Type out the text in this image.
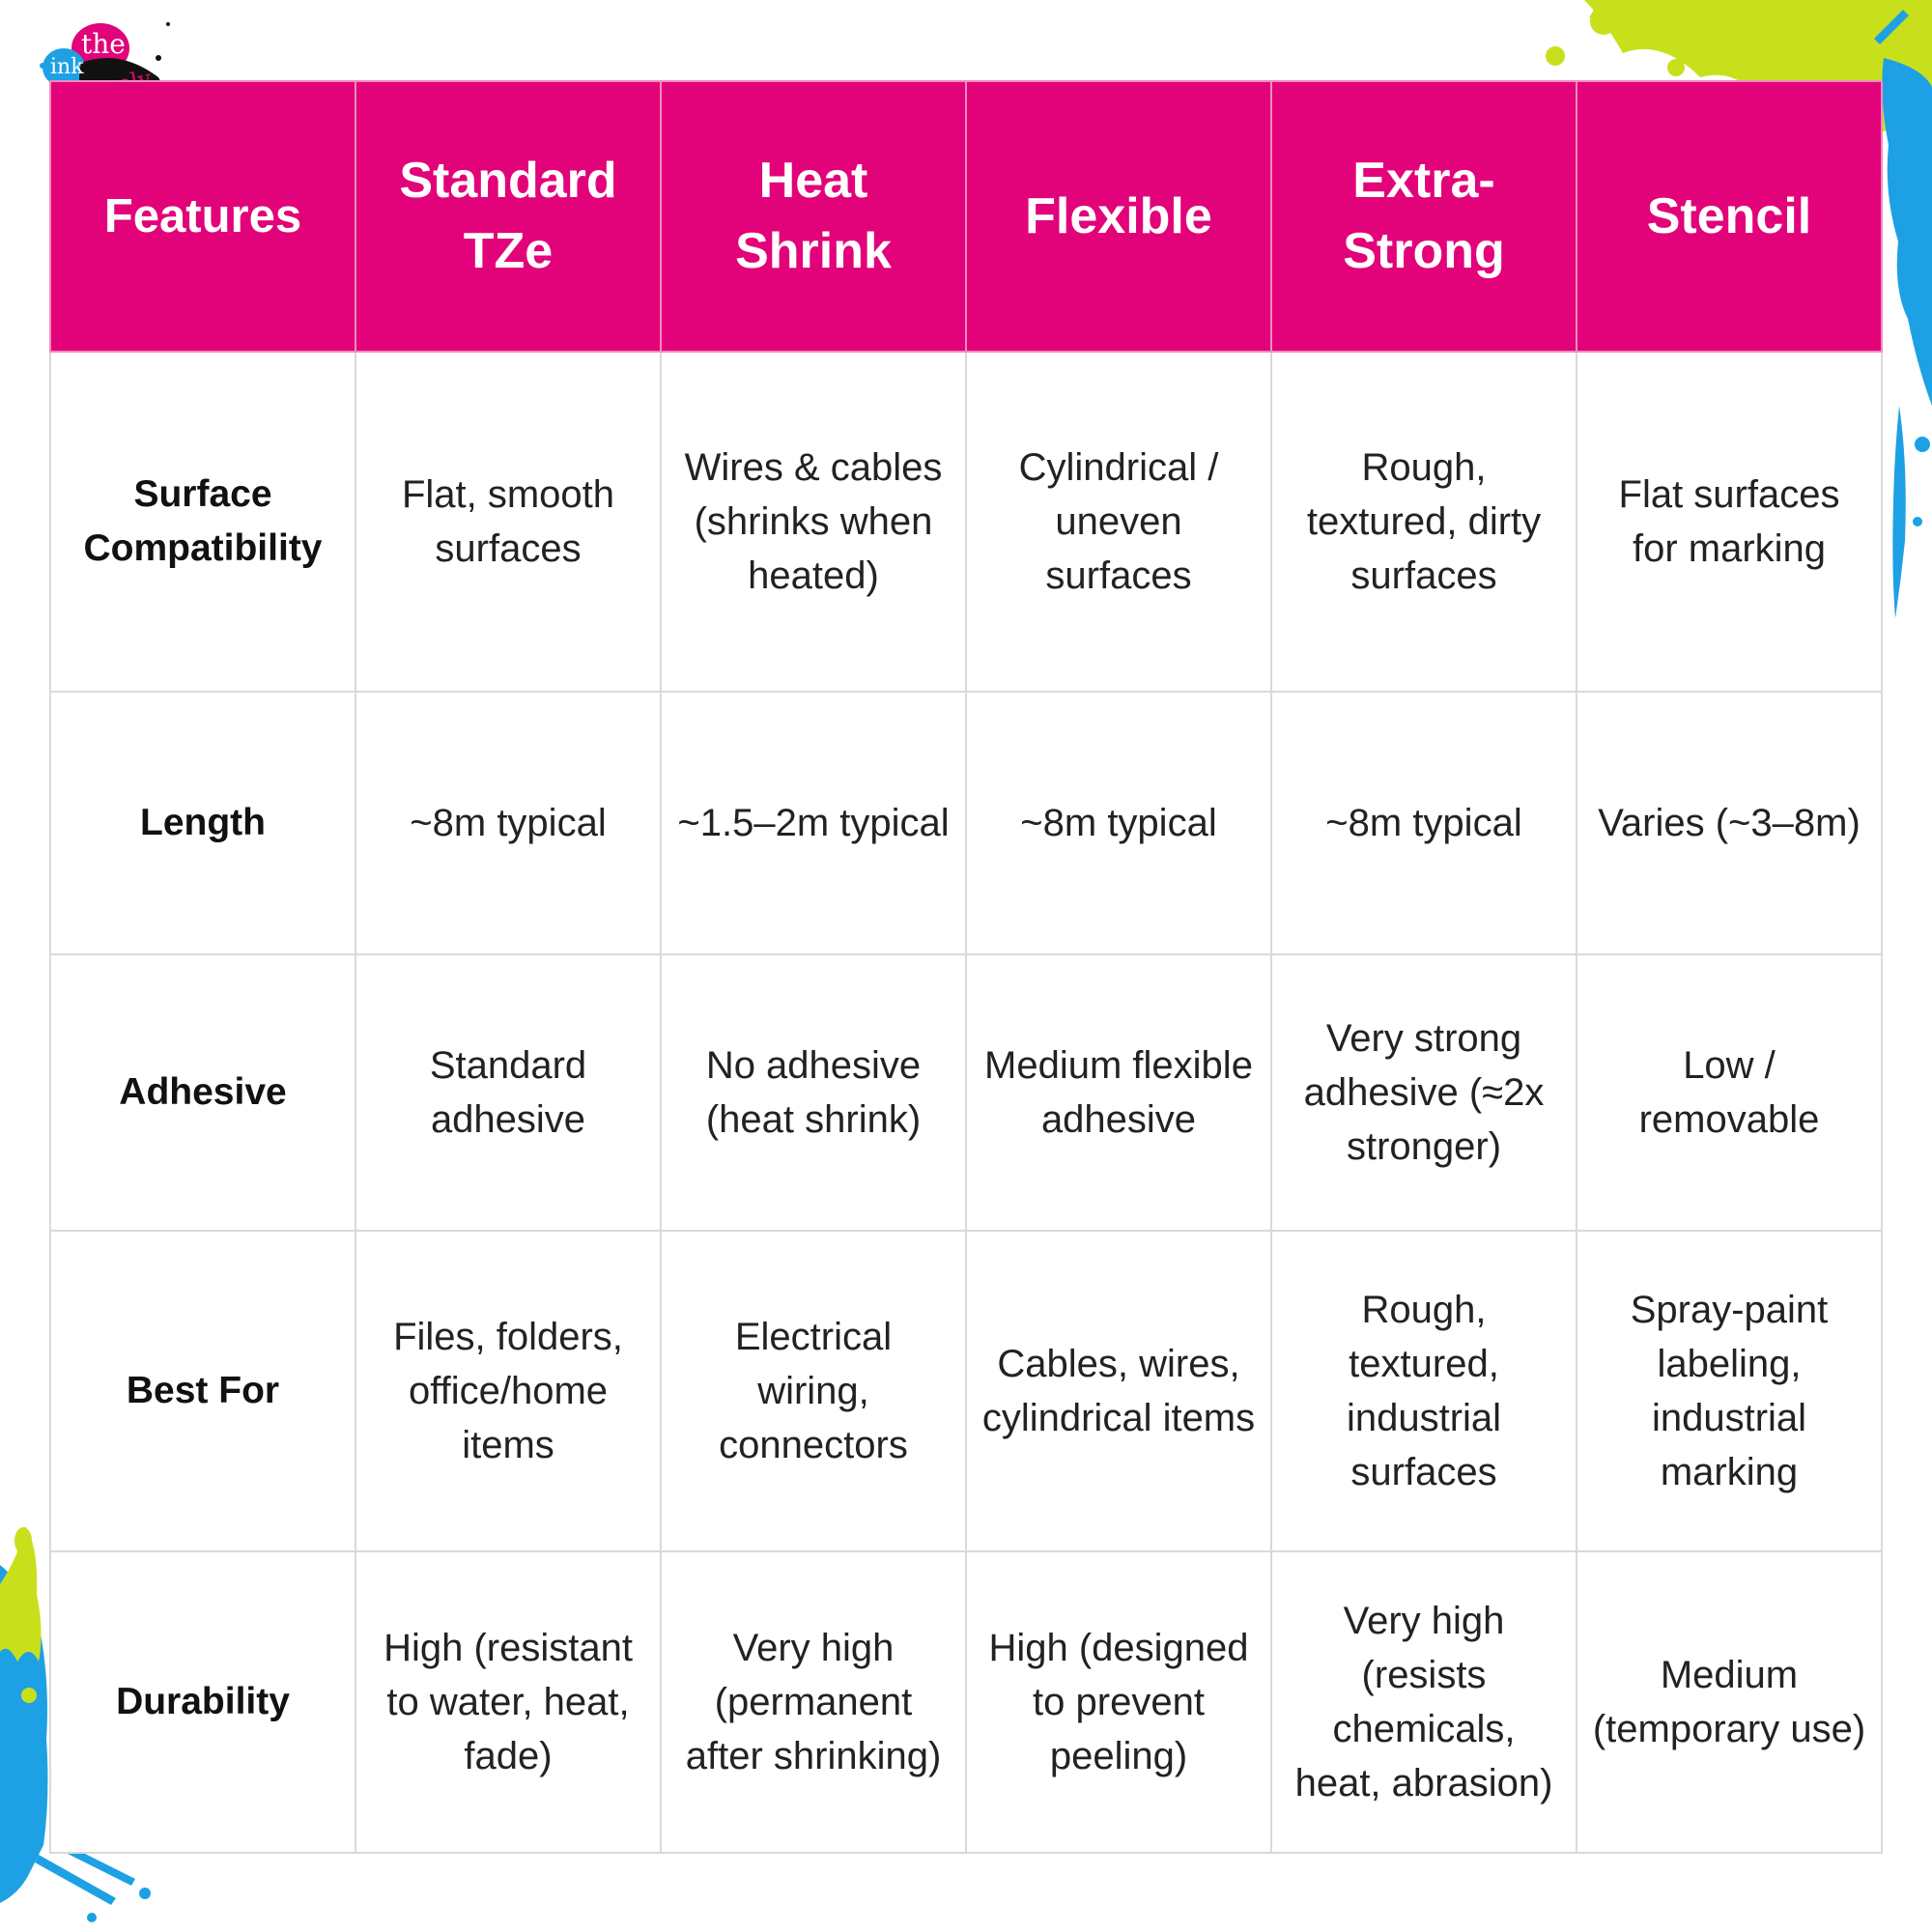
the
ink
Features	Standard TZe	Heat Shrink	Flexible	Extra-Strong	Stencil
Surface Compatibility	Flat, smooth surfaces	Wires & cables (shrinks when heated)	Cylindrical / uneven surfaces	Rough, textured, dirty surfaces	Flat surfaces for marking
Length	~8m typical	~1.5–2m typical	~8m typical	~8m typical	Varies (~3–8m)
Adhesive	Standard adhesive	No adhesive (heat shrink)	Medium flexible adhesive	Very strong adhesive (≈2x stronger)	Low / removable
Best For	Files, folders, office/home items	Electrical wiring, connectors	Cables, wires, cylindrical items	Rough, textured, industrial surfaces	Spray-paint labeling, industrial marking
Durability	High (resistant to water, heat, fade)	Very high (permanent after shrinking)	High (designed to prevent peeling)	Very high (resists chemicals, heat, abrasion)	Medium (temporary use)
